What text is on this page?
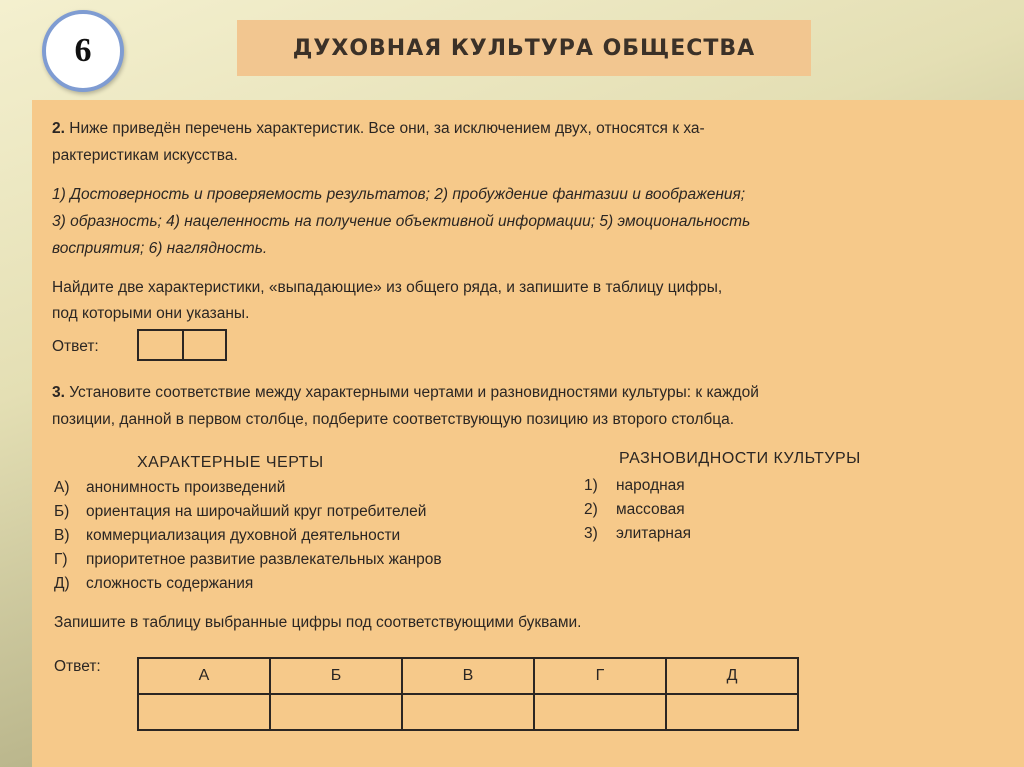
6	ДУХОВНАЯ КУЛЬТУРА ОБЩЕСТВА
2. Ниже приведён перечень характеристик. Все они, за исключением двух, относятся к ха-
рактеристикам искусства.
1) Достоверность и проверяемость результатов; 2) пробуждение фантазии и воображения;
3) образность; 4) нацеленность на получение объективной информации; 5) эмоциональность
восприятия; 6) наглядность.
Найдите две характеристики, «выпадающие» из общего ряда, и запишите в таблицу цифры,
под которыми они указаны.
Ответ:
3. Установите соответствие между характерными чертами и разновидностями культуры: к каждой
позиции, данной в первом столбце, подберите соответствующую позицию из второго столбца.
ХАРАКТЕРНЫЕ ЧЕРТЫ	РАЗНОВИДНОСТИ КУЛЬТУРЫ
А)	анонимность произведений
Б)	ориентация на широчайший круг потребителей
В)	коммерциализация духовной деятельности
Г)	приоритетное развитие развлекательных жанров
Д)	сложность содержания
1)	народная
2)	массовая
3)	элитарная
Запишите в таблицу выбранные цифры под соответствующими буквами.
Ответ:
А	Б	В	Г	Д
